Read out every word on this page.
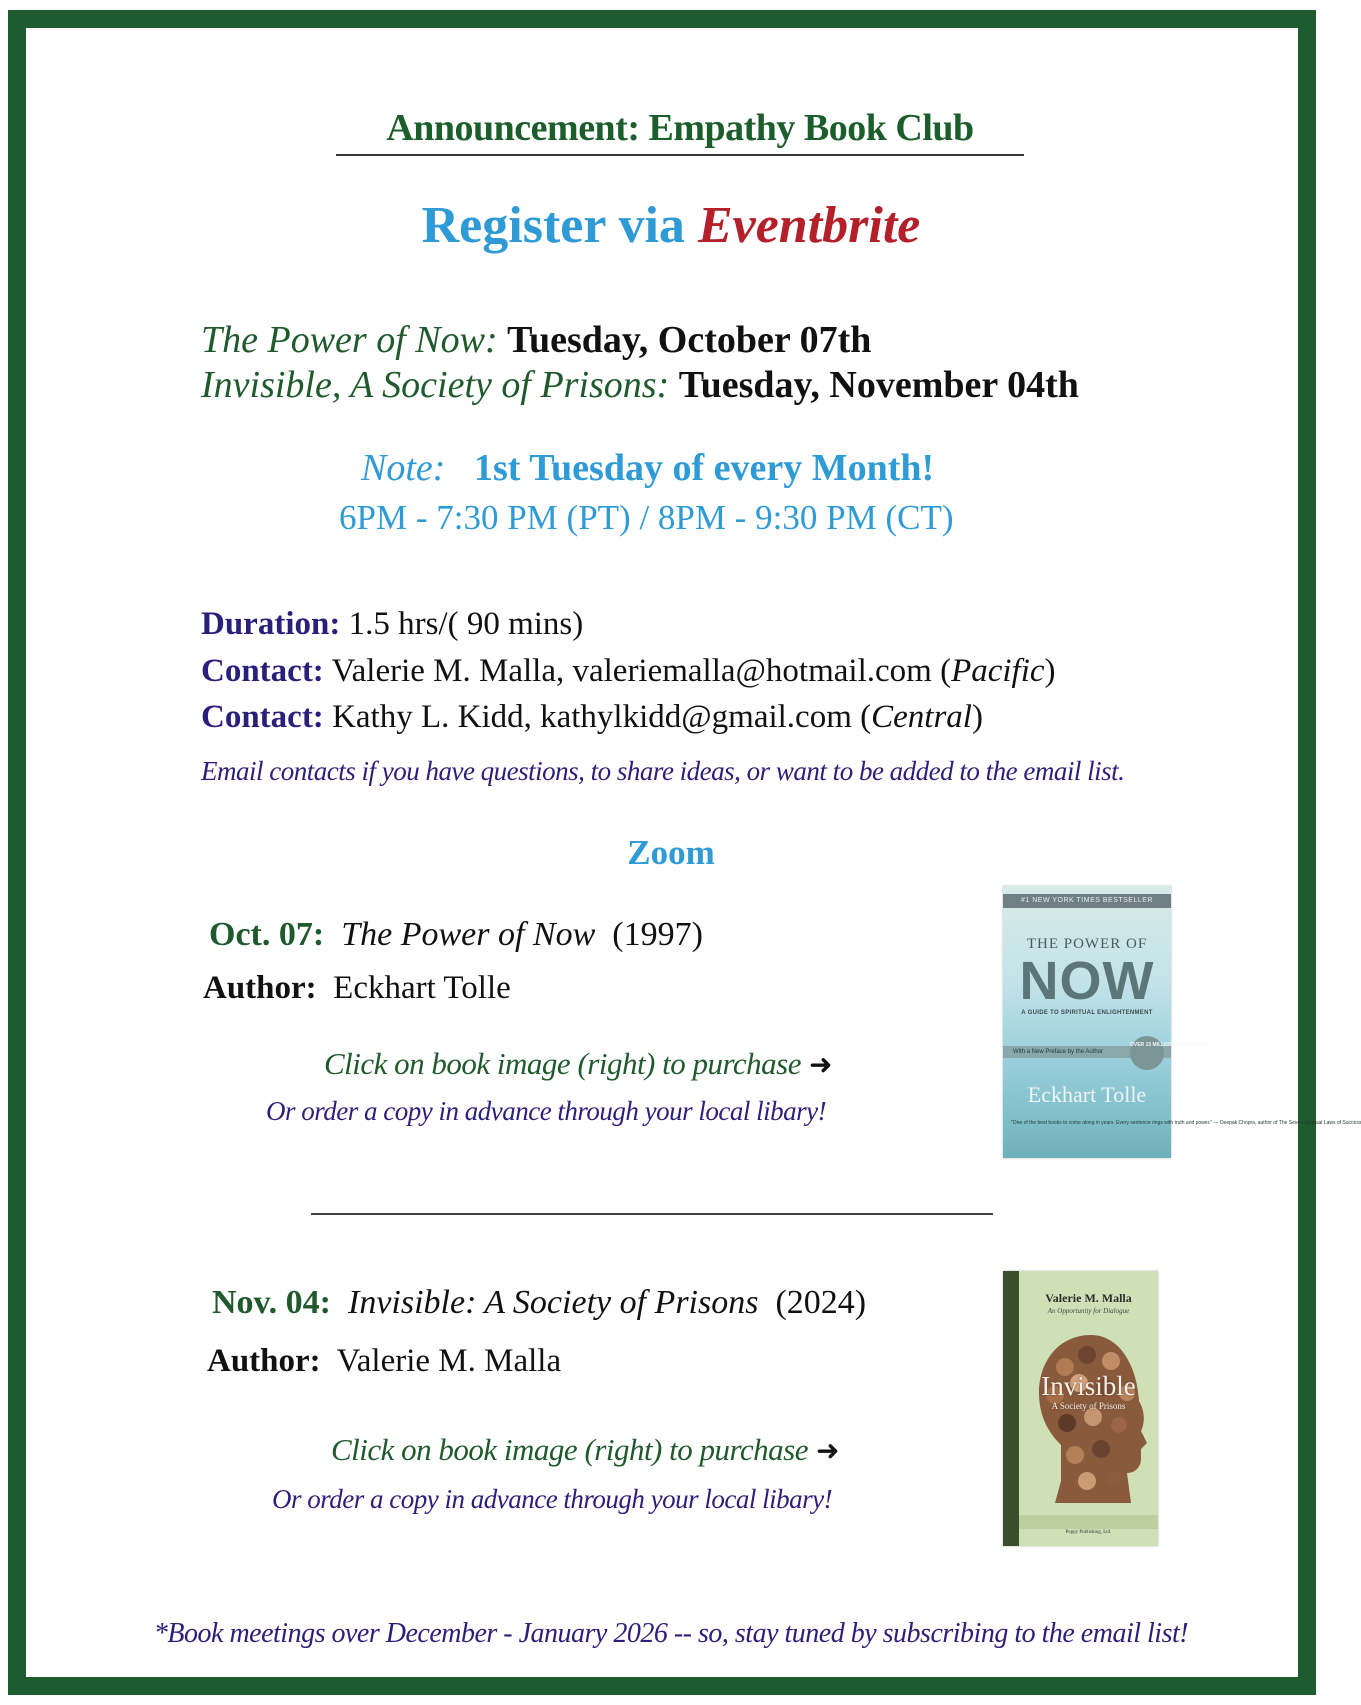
Announcement: Empathy Book Club
Register via Eventbrite
The Power of Now: Tuesday, October 07th
Invisible, A Society of Prisons: Tuesday, November 04th
Note: 1st Tuesday of every Month!
6PM - 7:30 PM (PT) / 8PM - 9:30 PM (CT)
Duration: 1.5 hrs/( 90 mins)
Contact: Valerie M. Malla, valeriemalla@hotmail.com (Pacific)
Contact: Kathy L. Kidd, kathylkidd@gmail.com (Central)
Email contacts if you have questions, to share ideas, or want to be added to the email list.
Zoom
Oct. 07: The Power of Now (1997)
Author: Eckhart Tolle
Click on book image (right) to purchase ➜
Or order a copy in advance through your local libary!
#1 NEW YORK TIMES BESTSELLER
THE POWER OF
NOW
A GUIDE TO SPIRITUAL ENLIGHTENMENT
With a New Preface by the Author
OVER 15 MILLION COPIES SOLD
Eckhart Tolle
"One of the best books to come along in years. Every sentence rings with truth and power." — Deepak Chopra, author of The Seven Spiritual Laws of Success
Nov. 04: Invisible: A Society of Prisons (2024)
Author: Valerie M. Malla
Click on book image (right) to purchase ➜
Or order a copy in advance through your local libary!
Valerie M. Malla
An Opportunity for Dialogue
Invisible
A Society of Prisons
Peppy Publishing, Ltd.
*Book meetings over December - January 2026 -- so, stay tuned by subscribing to the email list!
